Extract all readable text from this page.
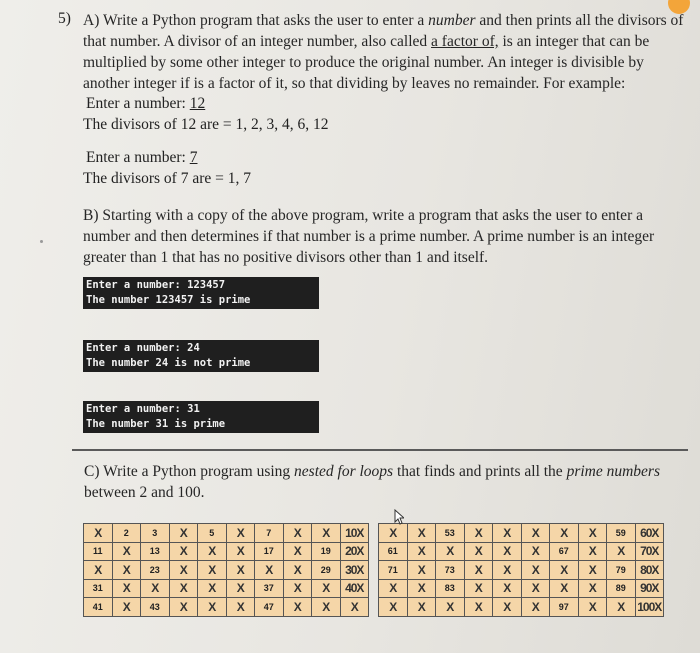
5) A) Write a Python program that asks the user to enter a number and then prints all the divisors of that number. A divisor of an integer number, also called a factor of, is an integer that can be multiplied by some other integer to produce the original number. An integer is divisible by another integer if is a factor of it, so that dividing by leaves no remainder. For example:
Enter a number: 12
The divisors of 12 are = 1, 2, 3, 4, 6, 12
Enter a number: 7
The divisors of 7 are = 1, 7
B) Starting with a copy of the above program, write a program that asks the user to enter a number and then determines if that number is a prime number. A prime number is an integer greater than 1 that has no positive divisors other than 1 and itself.
Enter a number: 123457
The number 123457 is prime
Enter a number: 24
The number 24 is not prime
Enter a number: 31
The number 31 is prime
C) Write a Python program using nested for loops that finds and prints all the prime numbers between 2 and 100.
X	2	3	X	5	X	7	X	X	10X
11	X	13	X	X	X	17	X	19	20X
X	X	23	X	X	X	X	X	29	30X
31	X	X	X	X	X	37	X	X	40X
41	X	43	X	X	X	47	X	X	X
X	X	53	X	X	X	X	X	59	60X
61	X	X	X	X	X	67	X	X	70X
71	X	73	X	X	X	X	X	79	80X
X	X	83	X	X	X	X	X	89	90X
X	X	X	X	X	X	97	X	X	100X
